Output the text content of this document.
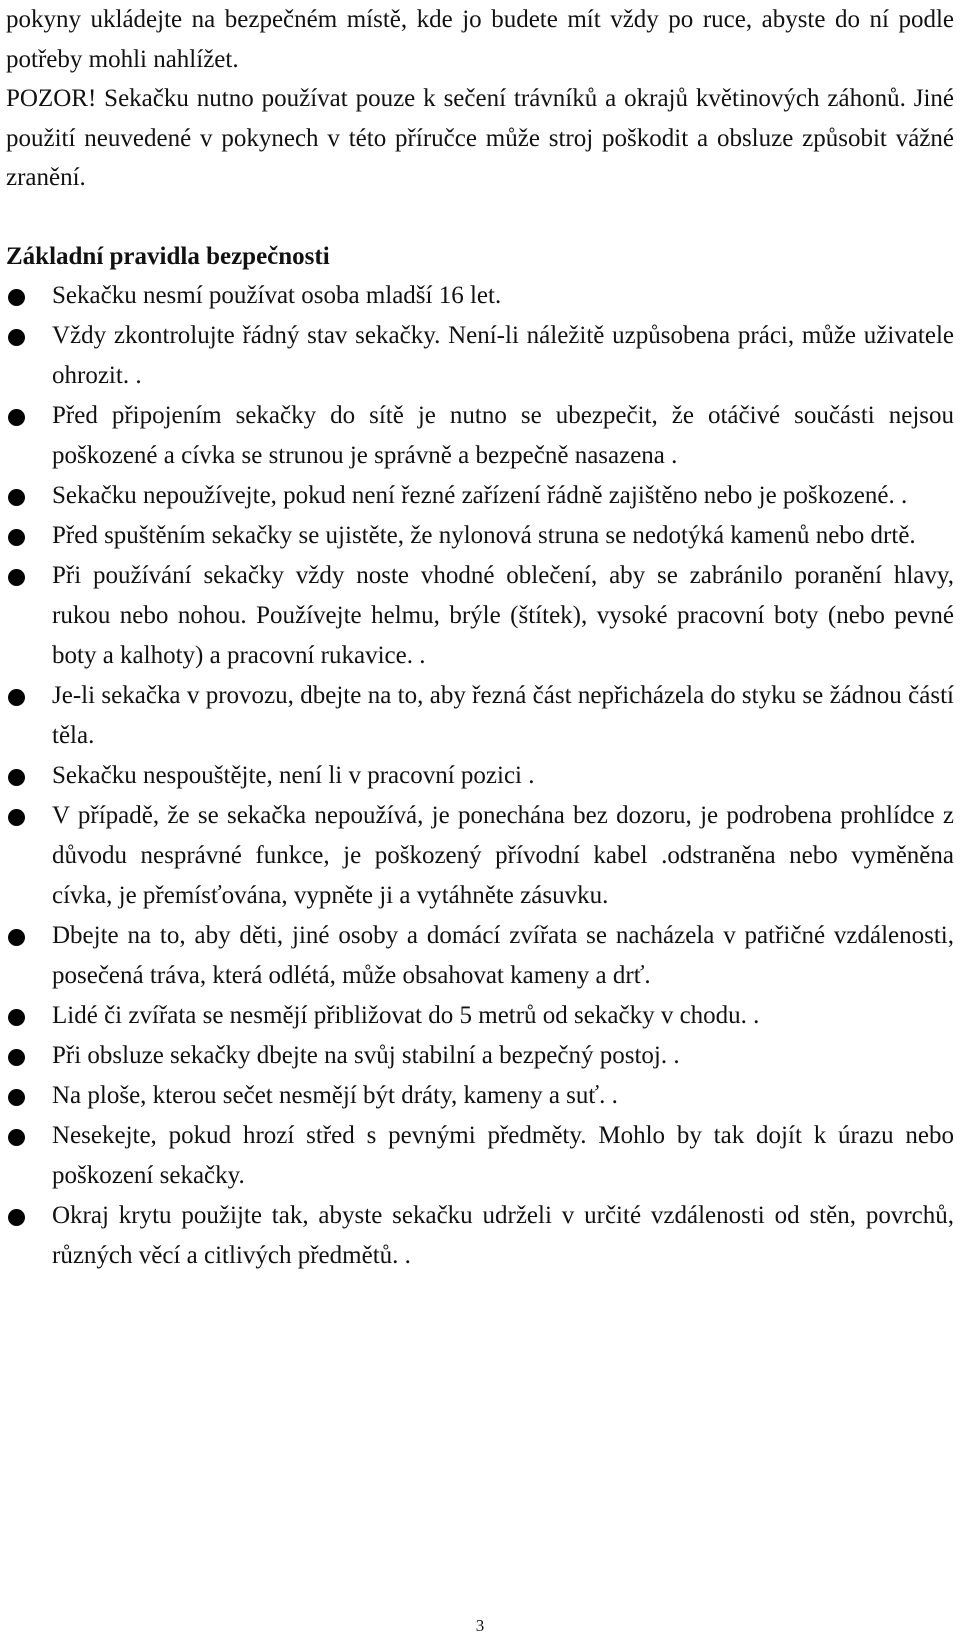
pokyny ukládejte na bezpečném místě, kde jo budete mít vždy po ruce, abyste do ní podle potřeby mohli nahlížet.

POZOR! Sekačku nutno používat pouze k sečení trávníků a okrajů květinových záhonů. Jiné použití neuvedené v pokynech v této příručce může stroj poškodit a obsluze způsobit vážné zranění.

Základní pravidla bezpečnosti
Sekačku nesmí používat osoba mladší 16 let.
Vždy zkontrolujte řádný stav sekačky. Není-li náležitě uzpůsobena práci, může uživatele ohrozit. .
Před připojením sekačky do sítě je nutno se ubezpečit, že otáčivé součásti nejsou poškozené a cívka se strunou je správně a bezpečně nasazena .
Sekačku nepoužívejte, pokud není řezné zařízení řádně zajištěno nebo je poškozené. .
Před spuštěním sekačky se ujistěte, že nylonová struna se nedotýká kamenů nebo drtě.
Při používání sekačky vždy noste vhodné oblečení, aby se zabránilo poranění hlavy, rukou nebo nohou. Používejte helmu, brýle (štítek), vysoké pracovní boty (nebo pevné boty a kalhoty) a pracovní rukavice. .
Je-li sekačka v provozu, dbejte na to, aby řezná část nepřicházela do styku se žádnou částí těla.
Sekačku nespouštějte, není li v pracovní pozici .
V případě, že se sekačka nepoužívá, je ponechána bez dozoru, je podrobena prohlídce z důvodu nesprávné funkce, je poškozený přívodní kabel .odstraněna nebo vyměněna cívka, je přemísťována, vypněte ji a vytáhněte zásuvku.
Dbejte na to, aby děti, jiné osoby a domácí zvířata se nacházela v patřičné vzdálenosti, posečená tráva, která odlétá, může obsahovat kameny a drť.
Lidé či zvířata se nesmějí přibližovat do 5 metrů od sekačky v chodu. .
Při obsluze sekačky dbejte na svůj stabilní a bezpečný postoj. .
Na ploše, kterou sečet nesmějí být dráty, kameny a suť. .
Nesekejte, pokud hrozí střed s pevnými předměty. Mohlo by tak dojít k úrazu nebo poškození sekačky.
Okraj krytu použijte tak, abyste sekačku udrželi v určité vzdálenosti od stěn, povrchů, různých věcí a citlivých předmětů. .
3
